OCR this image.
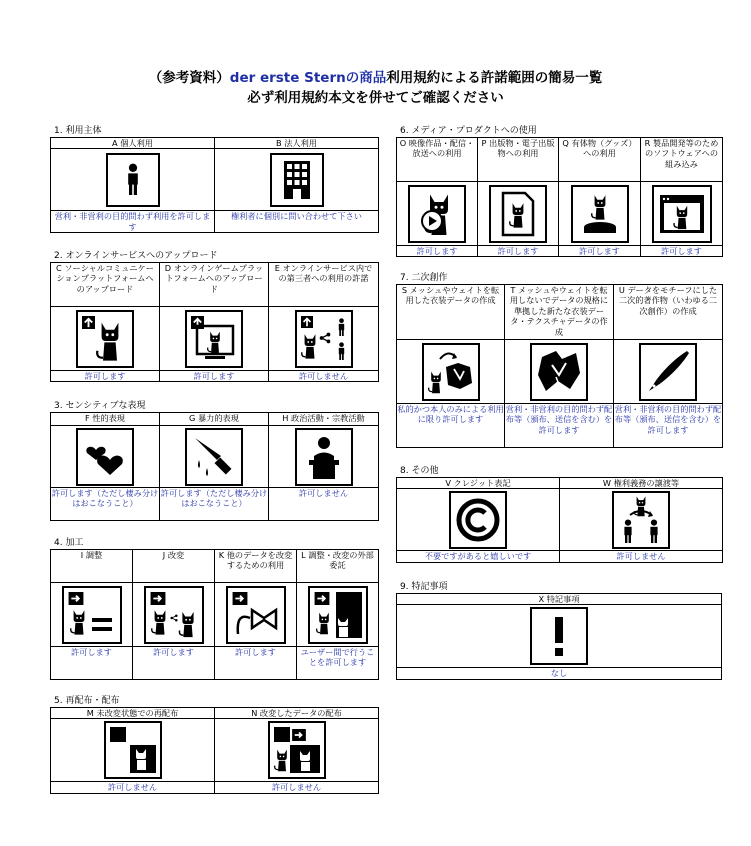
（参考資料）der erste Sternの商品利用規約による許諾範囲の簡易一覧
必ず利用規約本文を併せてご確認ください
1. 利用主体
A 個人利用	B 法人利用

営利・非営利の目的問わず利用を許可します	権利者に個別に問い合わせて下さい
2. オンラインサービスへのアップロード
C ソーシャルコミュニケーションプラットフォームへのアップロード	D オンラインゲームプラットフォームへのアップロード	E オンラインサービス内での第三者への利用の許諾

許可します	許可します	許可しません
3. センシティブな表現
F 性的表現	G 暴力的表現	H 政治活動・宗教活動

許可します（ただし棲み分けはおこなうこと）	許可します（ただし棲み分けはおこなうこと）	許可しません
4. 加工
I 調整	J 改変	K 他のデータを改変するための利用	L 調整・改変の外部委託

許可します	許可します	許可します	ユーザー間で行うことを許可します
5. 再配布・配布
M 未改変状態での再配布	N 改変したデータの配布

許可しません	許可しません
6. メディア・プロダクトへの使用
O 映像作品・配信・放送への利用	P 出版物・電子出版物への利用	Q 有体物（グッズ）への利用	R 製品開発等のためのソフトウェアへの組み込み

許可します	許可します	許可します	許可します
7. 二次創作
S メッシュやウェイトを転用した衣装データの作成	T メッシュやウェイトを転用しないでデータの規格に準拠した新たな衣装データ・テクスチャデータの作成	U データをモチーフにした二次的著作物（いわゆる二次創作）の作成

私的かつ本人のみによる利用に限り許可します	営利・非営利の目的問わず配布等（頒布、送信を含む）を許可します	営利・非営利の目的問わず配布等（頒布、送信を含む）を許可します
8. その他
V クレジット表記	W 権利義務の譲渡等

不要ですがあると嬉しいです	許可しません
9. 特記事項
X 特記事項

なし
